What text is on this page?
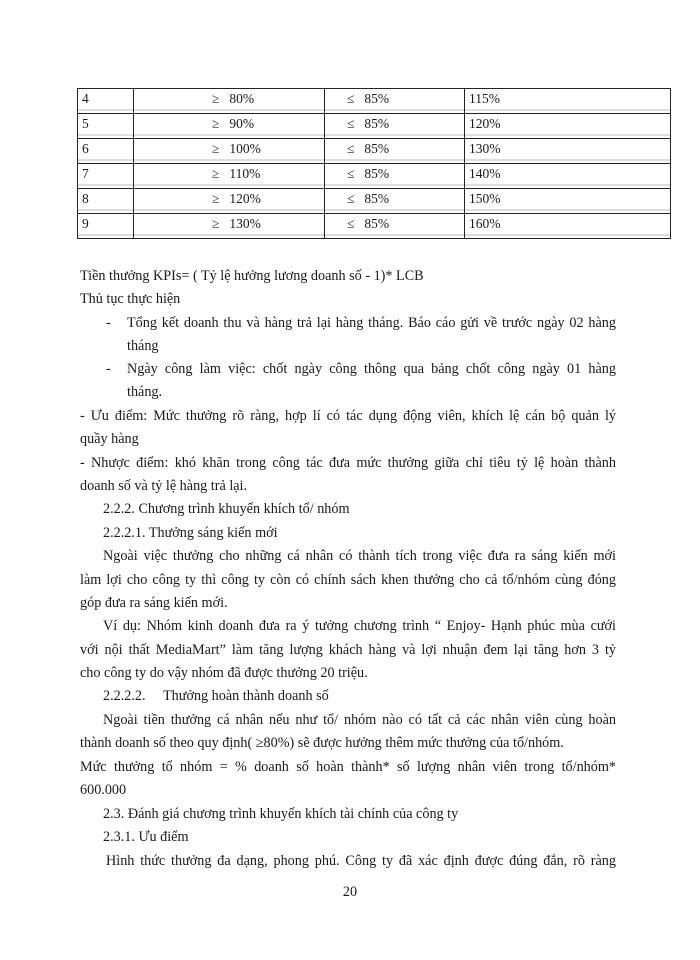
4	≥ 80%	≤ 85%	115%
5	≥ 90%	≤ 85%	120%
6	≥ 100%	≤ 85%	130%
7	≥ 110%	≤ 85%	140%
8	≥ 120%	≤ 85%	150%
9	≥ 130%	≤ 85%	160%
Tiền thưởng KPIs= ( Tỷ lệ hưởng lương doanh số - 1)* LCB
Thủ tục thực hiện
- Tổng kết doanh thu và hàng trả lại hàng tháng. Báo cáo gửi về trước ngày 02 hàng
tháng
- Ngày công làm việc: chốt ngày công thông qua bảng chốt công ngày 01 hàng
tháng.
- Ưu điểm: Mức thưởng rõ ràng, hợp lí có tác dụng động viên, khích lệ cán bộ quản lý
quầy hàng
- Nhược điểm: khó khăn trong công tác đưa mức thưởng giữa chỉ tiêu tỷ lệ hoàn thành
doanh số và tỷ lệ hàng trả lại.
2.2.2. Chương trình khuyến khích tổ/ nhóm
2.2.2.1. Thưởng sáng kiến mới
Ngoài việc thưởng cho những cá nhân có thành tích trong việc đưa ra sáng kiến mới
làm lợi cho công ty thì công ty còn có chính sách khen thưởng cho cả tổ/nhóm cùng đóng
góp đưa ra sáng kiến mới.
Ví dụ: Nhóm kinh doanh đưa ra ý tưởng chương trình “ Enjoy- Hạnh phúc mùa cưới
với nội thất MediaMart” làm tăng lượng khách hàng và lợi nhuận đem lại tăng hơn 3 tỷ
cho công ty do vậy nhóm đã được thưởng 20 triệu.
2.2.2.2. Thưởng hoàn thành doanh số
Ngoài tiền thưởng cá nhân nếu như tổ/ nhóm nào có tất cả các nhân viên cùng hoàn
thành doanh số theo quy định( ≥80%) sẽ được hưởng thêm mức thưởng của tổ/nhóm.
Mức thưởng tổ nhóm = % doanh số hoàn thành* số lượng nhân viên trong tổ/nhóm*
600.000
2.3. Đánh giá chương trình khuyến khích tài chính của công ty
2.3.1. Ưu điểm
Hình thức thưởng đa dạng, phong phú. Công ty đã xác định được đúng đắn, rõ ràng
20
